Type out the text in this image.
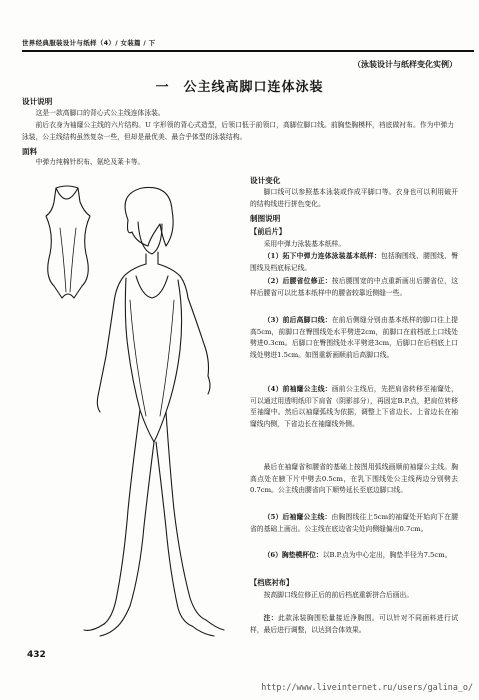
世界经典服装设计与纸样（4）/ 女装篇 / 下
（泳装设计与纸样变化实例）
一　公主线高脚口连体泳装
设计说明
这是一款高脚口的背心式公主线连体泳装。
前后衣身为袖窿公主线的六片结构。U 字形领的背心式造型，后领口低于前领口，高脚位脚口线。前胸垫胸模杯，裆底做衬布。作为中弹力泳装，公主线结构虽然复杂一些，但却是最优美、最合乎体型的泳装结构。
面料
中弹力纯棉针织布、氨纶及莱卡等。
设计变化
脚口线可以参照基本泳装或作成平脚口等。衣身也可以利用破开的结构线进行拼色变化。
制图说明
【前后片】
采用中弹力泳装基本纸样。
（1）拓下中弹力连体泳装基本纸样：包括胸围线、腰围线、臀围线及档底标记线。
（2）后腰省位修正：按后腰围宽的中点重新画出后腰省位，这样后腰省可以比基本纸样中的腰省较靠近侧缝一些。
（3）前后高脚口线：在前后侧缝分别由基本纸样的脚口往上提高5cm，前脚口在臀围线处水平劈进2cm，前脚口在前档底上口线处劈进0.3cm。后脚口在臀围线处水平劈进3cm，后脚口在后档底上口线处劈进1.5cm。如图重新画顺前后高脚口线。
（4）前袖窿公主线：画前公主线后，先把肩省转移至袖窿处，可以通过用透明纸印下肩省（阴影部分），再固定B.P.点，把肩位转移至袖窿中。然后以袖窿弧线为依据，调整上下省边长。上省边长在袖窿线内侧，下省边长在袖窿线外侧。
最后在袖窿省和腰省的基础上按图用弧线画顺前袖窿公主线。胸高点处在腋下片中劈去0.5cm，在乳下围线处公主线两边分别劈去0.7cm。公主线由腰省向下顺势延长至底边脚口线。
（5）后袖窿公主线：由胸围线往上5cm的袖窿处开始向下在腰省的基础上画出。公主线在底边省尖处向侧缝偏出0.7cm。
（6）胸垫模杯位：以B.P.点为中心定出，胸垫半径为7.5cm。
【档底衬布】
按高脚口线位修正后的前后档底重新拼合后画出。
注：此款泳装胸围松量接近净胸围。可以针对不同面料进行试样，最后进行调整，以达到合体效果。
432
http://www.liveinternet.ru/users/galina_o/
